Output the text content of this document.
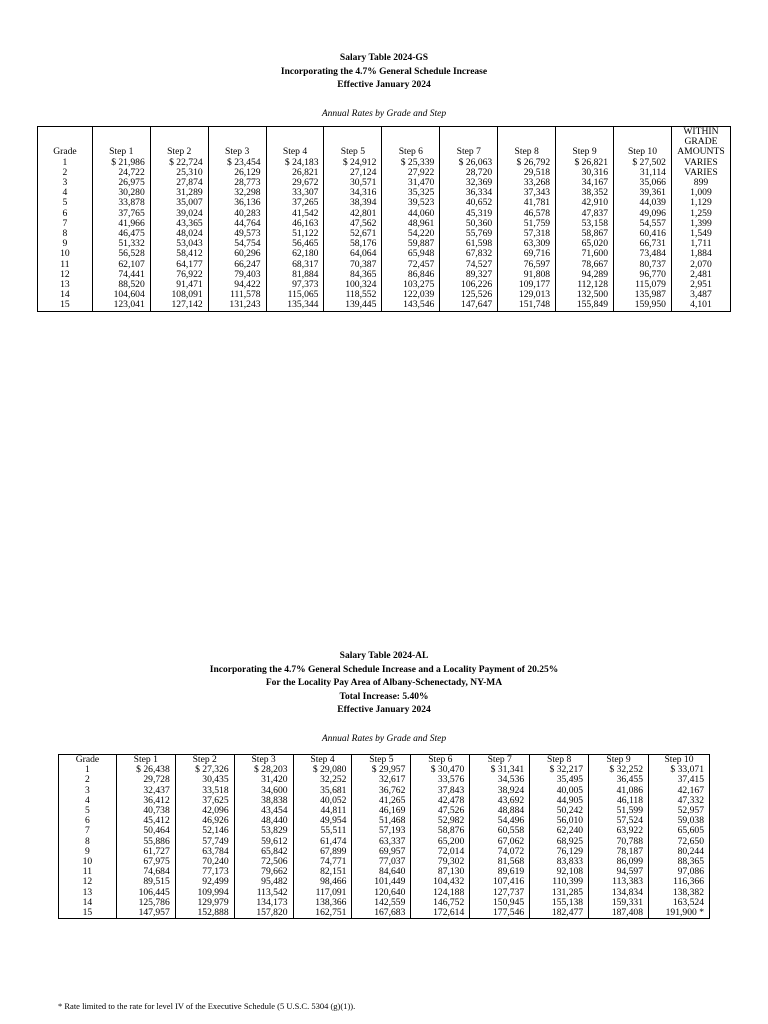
Salary Table 2024-GS
Incorporating the 4.7% General Schedule Increase
Effective January 2024
Annual Rates by Grade and Step
Grade	Step 1	Step 2	Step 3	Step 4	Step 5	Step 6	Step 7	Step 8	Step 9	Step 10	WITHIN
GRADE
AMOUNTS

1	$ 21,986	$ 22,724	$ 23,454	$ 24,183	$ 24,912	$ 25,339	$ 26,063	$ 26,792	$ 26,821	$ 27,502	VARIES
2	24,722	25,310	26,129	26,821	27,124	27,922	28,720	29,518	30,316	31,114	VARIES
3	26,975	27,874	28,773	29,672	30,571	31,470	32,369	33,268	34,167	35,066	899
4	30,280	31,289	32,298	33,307	34,316	35,325	36,334	37,343	38,352	39,361	1,009
5	33,878	35,007	36,136	37,265	38,394	39,523	40,652	41,781	42,910	44,039	1,129
6	37,765	39,024	40,283	41,542	42,801	44,060	45,319	46,578	47,837	49,096	1,259
7	41,966	43,365	44,764	46,163	47,562	48,961	50,360	51,759	53,158	54,557	1,399
8	46,475	48,024	49,573	51,122	52,671	54,220	55,769	57,318	58,867	60,416	1,549
9	51,332	53,043	54,754	56,465	58,176	59,887	61,598	63,309	65,020	66,731	1,711
10	56,528	58,412	60,296	62,180	64,064	65,948	67,832	69,716	71,600	73,484	1,884
11	62,107	64,177	66,247	68,317	70,387	72,457	74,527	76,597	78,667	80,737	2,070
12	74,441	76,922	79,403	81,884	84,365	86,846	89,327	91,808	94,289	96,770	2,481
13	88,520	91,471	94,422	97,373	100,324	103,275	106,226	109,177	112,128	115,079	2,951
14	104,604	108,091	111,578	115,065	118,552	122,039	125,526	129,013	132,500	135,987	3,487
15	123,041	127,142	131,243	135,344	139,445	143,546	147,647	151,748	155,849	159,950	4,101
Salary Table 2024-AL
Incorporating the 4.7% General Schedule Increase and a Locality Payment of 20.25%
For the Locality Pay Area of Albany-Schenectady, NY-MA
Total Increase: 5.40%
Effective January 2024
Annual Rates by Grade and Step
Grade	Step 1	Step 2	Step 3	Step 4	Step 5	Step 6	Step 7	Step 8	Step 9	Step 10
1	$ 26,438	$ 27,326	$ 28,203	$ 29,080	$ 29,957	$ 30,470	$ 31,341	$ 32,217	$ 32,252	$ 33,071
2	29,728	30,435	31,420	32,252	32,617	33,576	34,536	35,495	36,455	37,415
3	32,437	33,518	34,600	35,681	36,762	37,843	38,924	40,005	41,086	42,167
4	36,412	37,625	38,838	40,052	41,265	42,478	43,692	44,905	46,118	47,332
5	40,738	42,096	43,454	44,811	46,169	47,526	48,884	50,242	51,599	52,957
6	45,412	46,926	48,440	49,954	51,468	52,982	54,496	56,010	57,524	59,038
7	50,464	52,146	53,829	55,511	57,193	58,876	60,558	62,240	63,922	65,605
8	55,886	57,749	59,612	61,474	63,337	65,200	67,062	68,925	70,788	72,650
9	61,727	63,784	65,842	67,899	69,957	72,014	74,072	76,129	78,187	80,244
10	67,975	70,240	72,506	74,771	77,037	79,302	81,568	83,833	86,099	88,365
11	74,684	77,173	79,662	82,151	84,640	87,130	89,619	92,108	94,597	97,086
12	89,515	92,499	95,482	98,466	101,449	104,432	107,416	110,399	113,383	116,366
13	106,445	109,994	113,542	117,091	120,640	124,188	127,737	131,285	134,834	138,382
14	125,786	129,979	134,173	138,366	142,559	146,752	150,945	155,138	159,331	163,524
15	147,957	152,888	157,820	162,751	167,683	172,614	177,546	182,477	187,408	191,900 *
* Rate limited to the rate for level IV of the Executive Schedule (5 U.S.C. 5304 (g)(1)).
